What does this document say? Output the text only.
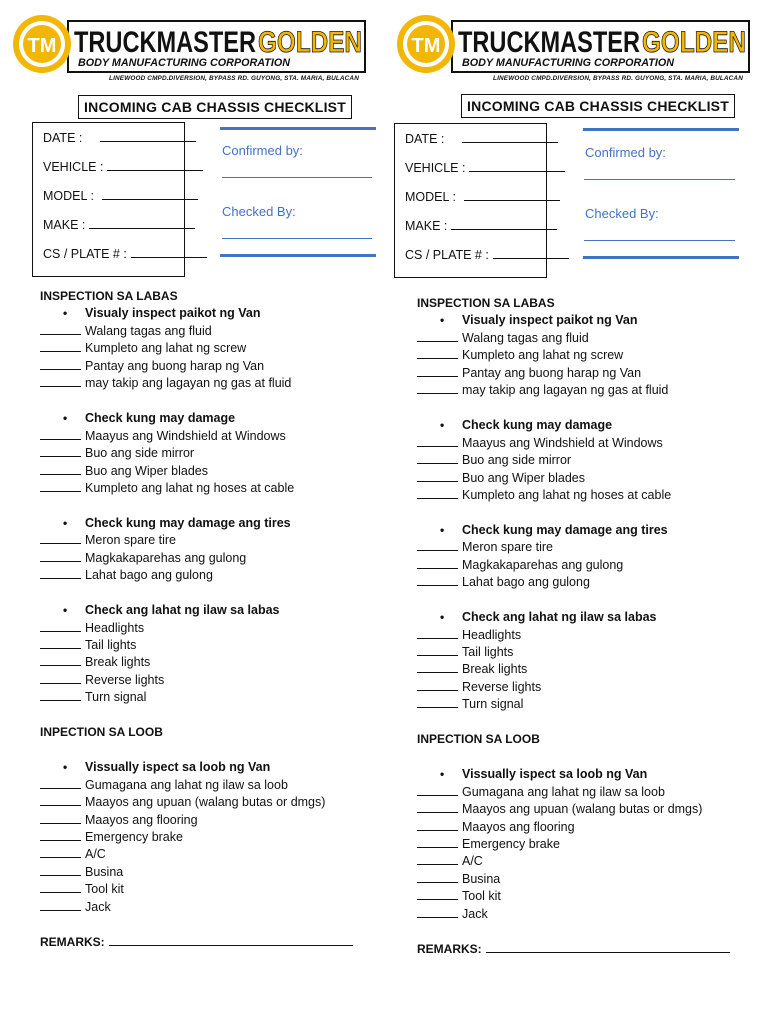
TM TRUCKMASTER GOLDEN
BODY MANUFACTURING CORPORATION
LINEWOOD CMPD.DIVERSION, BYPASS RD. GUYONG, STA. MARIA, BULACAN
INCOMING CAB CHASSIS CHECKLIST
DATE :
VEHICLE :
MODEL :
MAKE :
CS / PLATE # :
Confirmed by:
Checked By:
INSPECTION SA LABAS
• Visualy inspect paikot ng Van
Walang tagas ang fluid
Kumpleto ang lahat ng screw
Pantay ang buong harap ng Van
may takip ang lagayan ng gas at fluid
• Check kung may damage
Maayus ang Windshield at Windows
Buo ang side mirror
Buo ang Wiper blades
Kumpleto ang lahat ng hoses at cable
• Check kung may damage ang tires
Meron spare tire
Magkakaparehas ang gulong
Lahat bago ang gulong
• Check ang lahat ng ilaw sa labas
Headlights
Tail lights
Break lights
Reverse lights
Turn signal
INPECTION SA LOOB
• Vissually ispect sa loob ng Van
Gumagana ang lahat ng ilaw sa loob
Maayos ang upuan (walang butas or dmgs)
Maayos ang flooring
Emergency brake
A/C
Businа
Tool kit
Jack
REMARKS:
TM TRUCKMASTER GOLDEN
BODY MANUFACTURING CORPORATION
LINEWOOD CMPD.DIVERSION, BYPASS RD. GUYONG, STA. MARIA, BULACAN
INCOMING CAB CHASSIS CHECKLIST
DATE :
VEHICLE :
MODEL :
MAKE :
CS / PLATE # :
Confirmed by:
Checked By:
INSPECTION SA LABAS
• Visualy inspect paikot ng Van
Walang tagas ang fluid
Kumpleto ang lahat ng screw
Pantay ang buong harap ng Van
may takip ang lagayan ng gas at fluid
• Check kung may damage
Maayus ang Windshield at Windows
Buo ang side mirror
Buo ang Wiper blades
Kumpleto ang lahat ng hoses at cable
• Check kung may damage ang tires
Meron spare tire
Magkakaparehas ang gulong
Lahat bago ang gulong
• Check ang lahat ng ilaw sa labas
Headlights
Tail lights
Break lights
Reverse lights
Turn signal
INPECTION SA LOOB
• Vissually ispect sa loob ng Van
Gumagana ang lahat ng ilaw sa loob
Maayos ang upuan (walang butas or dmgs)
Maayos ang flooring
Emergency brake
A/C
Businа
Tool kit
Jack
REMARKS:
